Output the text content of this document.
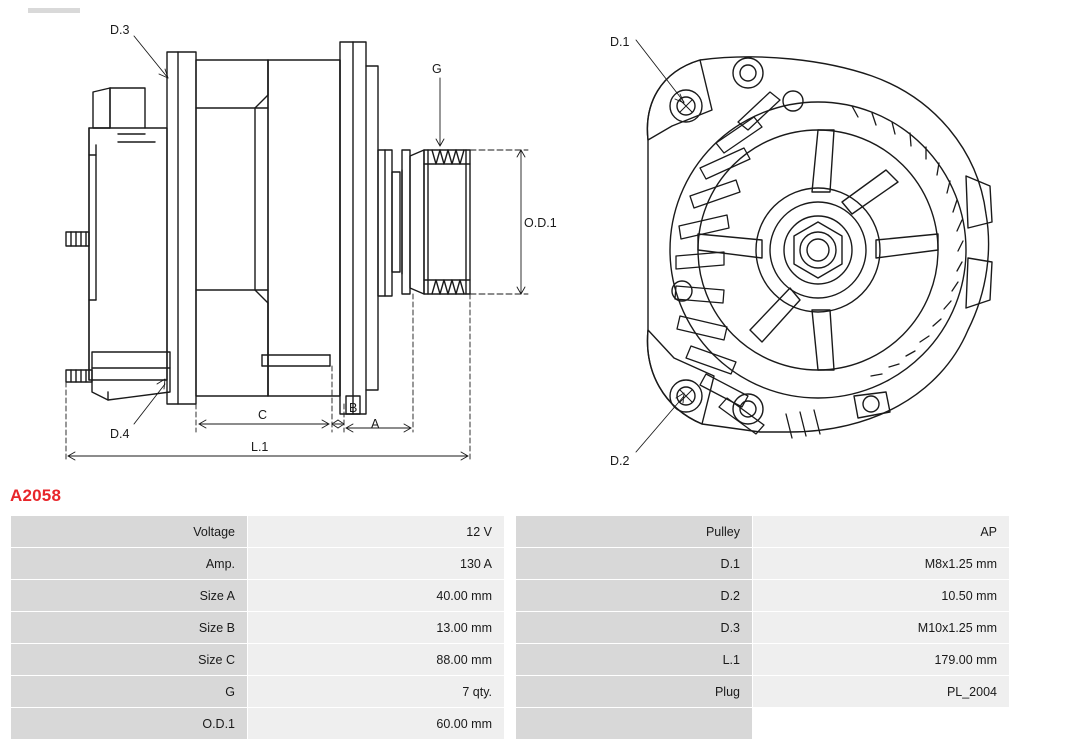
D.3
D.4
G
O.D.1
C	B
A
L.1
D.1
D.2
A2058
Voltage	12 V
Amp.	130 A
Size A	40.00 mm
Size B	13.00 mm
Size C	88.00 mm
G	7 qty.
O.D.1	60.00 mm
Pulley	AP
D.1	M8x1.25 mm
D.2	10.50 mm
D.3	M10x1.25 mm
L.1	179.00 mm
Plug	PL_2004
